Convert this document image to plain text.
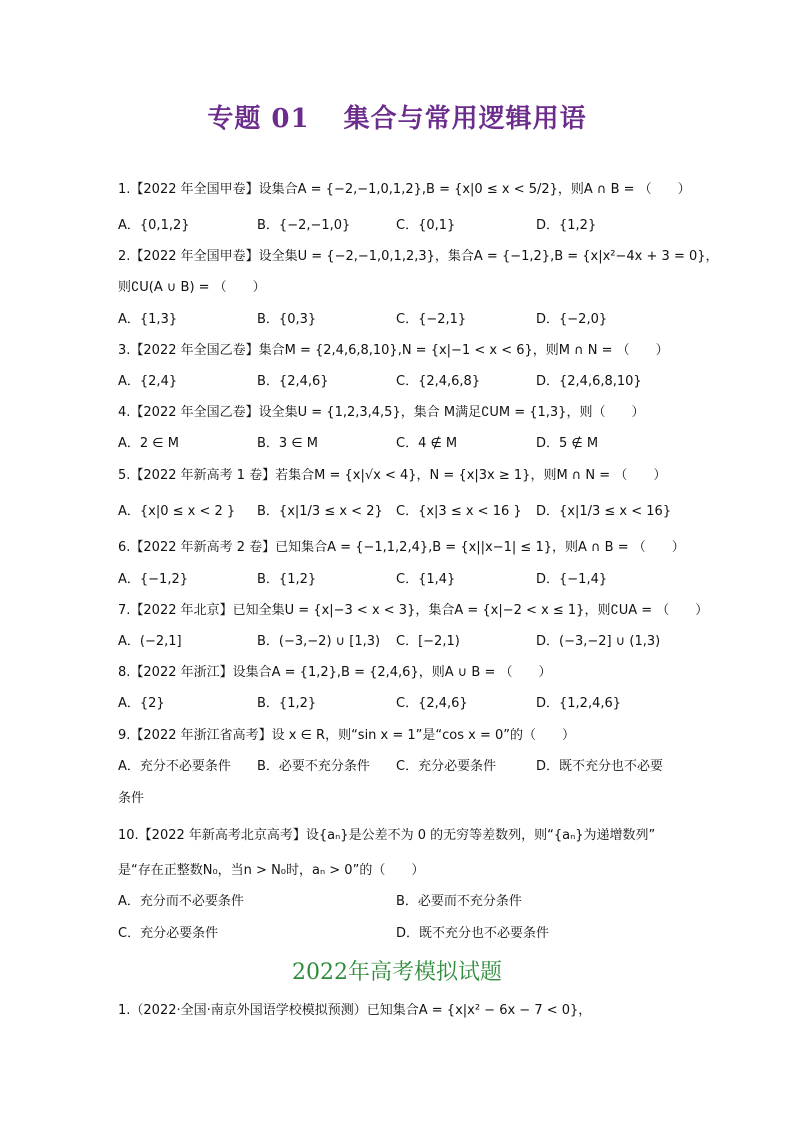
专题 01 集合与常用逻辑用语
1.【2022 年全国甲卷】设集合A = {−2,−1,0,1,2},B = {x|0 ≤ x < 5/2}，则A ∩ B = （　　）
A．{0,1,2}	B．{−2,−1,0}	C．{0,1}	D．{1,2}
2.【2022 年全国甲卷】设全集U = {−2,−1,0,1,2,3}，集合A = {−1,2},B = {x|x²−4x + 3 = 0}，
则∁U(A ∪ B) = （　　）
A．{1,3}	B．{0,3}	C．{−2,1}	D．{−2,0}
3.【2022 年全国乙卷】集合M = {2,4,6,8,10},N = {x|−1 < x < 6}，则M ∩ N = （　　）
A．{2,4}	B．{2,4,6}	C．{2,4,6,8}	D．{2,4,6,8,10}
4.【2022 年全国乙卷】设全集U = {1,2,3,4,5}，集合 M满足∁UM = {1,3}，则（　　）
A．2 ∈ M	B．3 ∈ M	C．4 ∉ M	D．5 ∉ M
5.【2022 年新高考 1 卷】若集合M = {x|√x < 4}，N = {x|3x ≥ 1}，则M ∩ N = （　　）
A．{x|0 ≤ x < 2 } B．{x|1/3 ≤ x < 2} C．{x|3 ≤ x < 16 } D．{x|1/3 ≤ x < 16}
6.【2022 年新高考 2 卷】已知集合A = {−1,1,2,4},B = {x||x−1| ≤ 1}，则A ∩ B = （　　）
A．{−1,2}	B．{1,2}	C．{1,4}	D．{−1,4}
7.【2022 年北京】已知全集U = {x|−3 < x < 3}，集合A = {x|−2 < x ≤ 1}，则∁UA = （　　）
A．(−2,1]	B．(−3,−2) ∪ [1,3) C．[−2,1)	D．(−3,−2] ∪ (1,3)
8.【2022 年浙江】设集合A = {1,2},B = {2,4,6}，则A ∪ B = （　　）
A．{2}	B．{1,2}	C．{2,4,6}	D．{1,2,4,6}
9.【2022 年浙江省高考】设 x ∈ R，则“sin x = 1”是“cos x = 0”的（　　）
A．充分不必要条件 B．必要不充分条件 C．充分必要条件	D．既不充分也不必要
条件
10.【2022 年新高考北京高考】设{aₙ}是公差不为 0 的无穷等差数列，则“{aₙ}为递增数列”
是“存在正整数N₀，当n > N₀时，aₙ > 0”的（　　）
A．充分而不必要条件	B．必要而不充分条件
C．充分必要条件	D．既不充分也不必要条件
2022年高考模拟试题
1.（2022·全国·南京外国语学校模拟预测）已知集合A = {x|x² − 6x − 7 < 0}，
